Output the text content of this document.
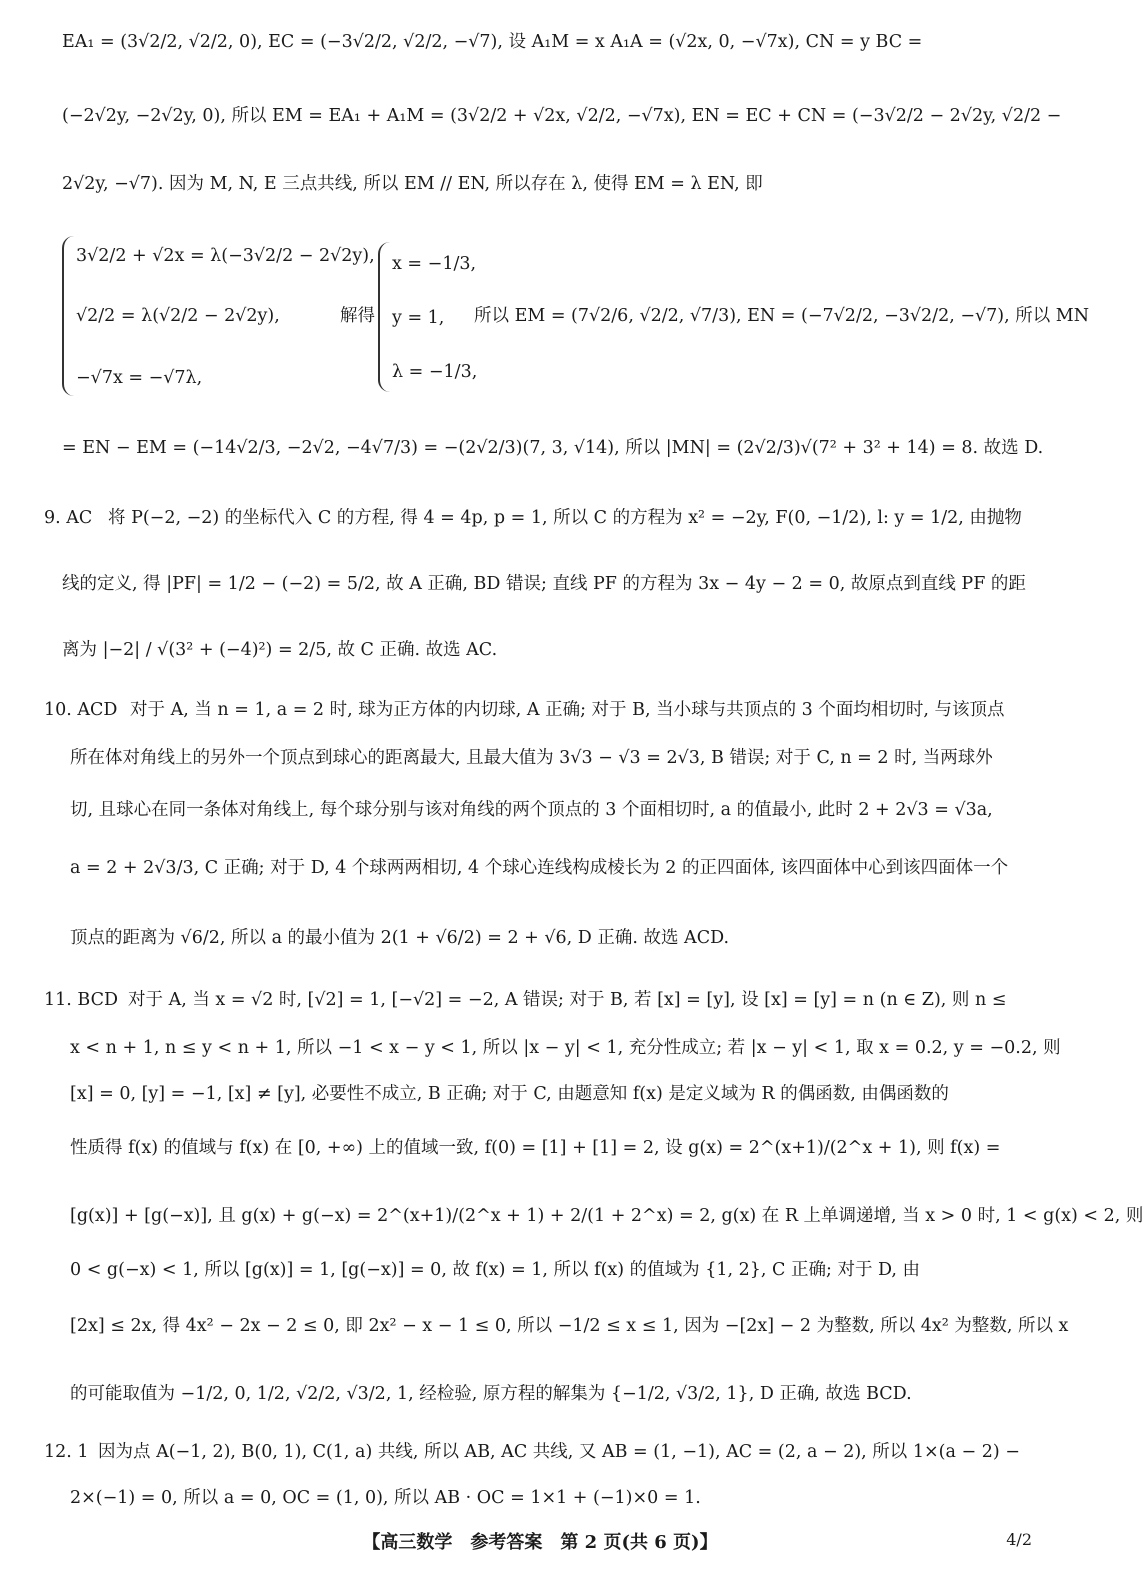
EA₁ = (3√2/2, √2/2, 0), EC = (−3√2/2, √2/2, −√7), 设 A₁M = x A₁A = (√2x, 0, −√7x), CN = y BC =
(−2√2y, −2√2y, 0), 所以 EM = EA₁ + A₁M = (3√2/2 + √2x, √2/2, −√7x), EN = EC + CN = (−3√2/2 − 2√2y, √2/2 −
2√2y, −√7). 因为 M, N, E 三点共线, 所以 EM // EN, 所以存在 λ, 使得 EM = λ EN, 即
3√2/2 + √2x = λ(−3√2/2 − 2√2y),
√2/2 = λ(√2/2 − 2√2y),
−√7x = −√7λ,
解得
x = −1/3,
y = 1,
λ = −1/3,
所以 EM = (7√2/6, √2/2, √7/3), EN = (−7√2/2, −3√2/2, −√7), 所以 MN
= EN − EM = (−14√2/3, −2√2, −4√7/3) = −(2√2/3)(7, 3, √14), 所以 |MN| = (2√2/3)√(7² + 3² + 14) = 8. 故选 D.
9. AC 将 P(−2, −2) 的坐标代入 C 的方程, 得 4 = 4p, p = 1, 所以 C 的方程为 x² = −2y, F(0, −1/2), l: y = 1/2, 由抛物
线的定义, 得 |PF| = 1/2 − (−2) = 5/2, 故 A 正确, BD 错误; 直线 PF 的方程为 3x − 4y − 2 = 0, 故原点到直线 PF 的距
离为 |−2| / √(3² + (−4)²) = 2/5, 故 C 正确. 故选 AC.
10. ACD 对于 A, 当 n = 1, a = 2 时, 球为正方体的内切球, A 正确; 对于 B, 当小球与共顶点的 3 个面均相切时, 与该顶点
所在体对角线上的另外一个顶点到球心的距离最大, 且最大值为 3√3 − √3 = 2√3, B 错误; 对于 C, n = 2 时, 当两球外
切, 且球心在同一条体对角线上, 每个球分别与该对角线的两个顶点的 3 个面相切时, a 的值最小, 此时 2 + 2√3 = √3a,
a = 2 + 2√3/3, C 正确; 对于 D, 4 个球两两相切, 4 个球心连线构成棱长为 2 的正四面体, 该四面体中心到该四面体一个
顶点的距离为 √6/2, 所以 a 的最小值为 2(1 + √6/2) = 2 + √6, D 正确. 故选 ACD.
11. BCD 对于 A, 当 x = √2 时, [√2] = 1, [−√2] = −2, A 错误; 对于 B, 若 [x] = [y], 设 [x] = [y] = n (n ∈ Z), 则 n ≤
x < n + 1, n ≤ y < n + 1, 所以 −1 < x − y < 1, 所以 |x − y| < 1, 充分性成立; 若 |x − y| < 1, 取 x = 0.2, y = −0.2, 则
[x] = 0, [y] = −1, [x] ≠ [y], 必要性不成立, B 正确; 对于 C, 由题意知 f(x) 是定义域为 R 的偶函数, 由偶函数的
性质得 f(x) 的值域与 f(x) 在 [0, +∞) 上的值域一致, f(0) = [1] + [1] = 2, 设 g(x) = 2^(x+1)/(2^x + 1), 则 f(x) =
[g(x)] + [g(−x)], 且 g(x) + g(−x) = 2^(x+1)/(2^x + 1) + 2/(1 + 2^x) = 2, g(x) 在 R 上单调递增, 当 x > 0 时, 1 < g(x) < 2, 则
0 < g(−x) < 1, 所以 [g(x)] = 1, [g(−x)] = 0, 故 f(x) = 1, 所以 f(x) 的值域为 {1, 2}, C 正确; 对于 D, 由
[2x] ≤ 2x, 得 4x² − 2x − 2 ≤ 0, 即 2x² − x − 1 ≤ 0, 所以 −1/2 ≤ x ≤ 1, 因为 −[2x] − 2 为整数, 所以 4x² 为整数, 所以 x
的可能取值为 −1/2, 0, 1/2, √2/2, √3/2, 1, 经检验, 原方程的解集为 {−1/2, √3/2, 1}, D 正确, 故选 BCD.
12. 1 因为点 A(−1, 2), B(0, 1), C(1, a) 共线, 所以 AB, AC 共线, 又 AB = (1, −1), AC = (2, a − 2), 所以 1×(a − 2) −
2×(−1) = 0, 所以 a = 0, OC = (1, 0), 所以 AB · OC = 1×1 + (−1)×0 = 1.
【高三数学　参考答案　第 2 页(共 6 页)】	4/2
